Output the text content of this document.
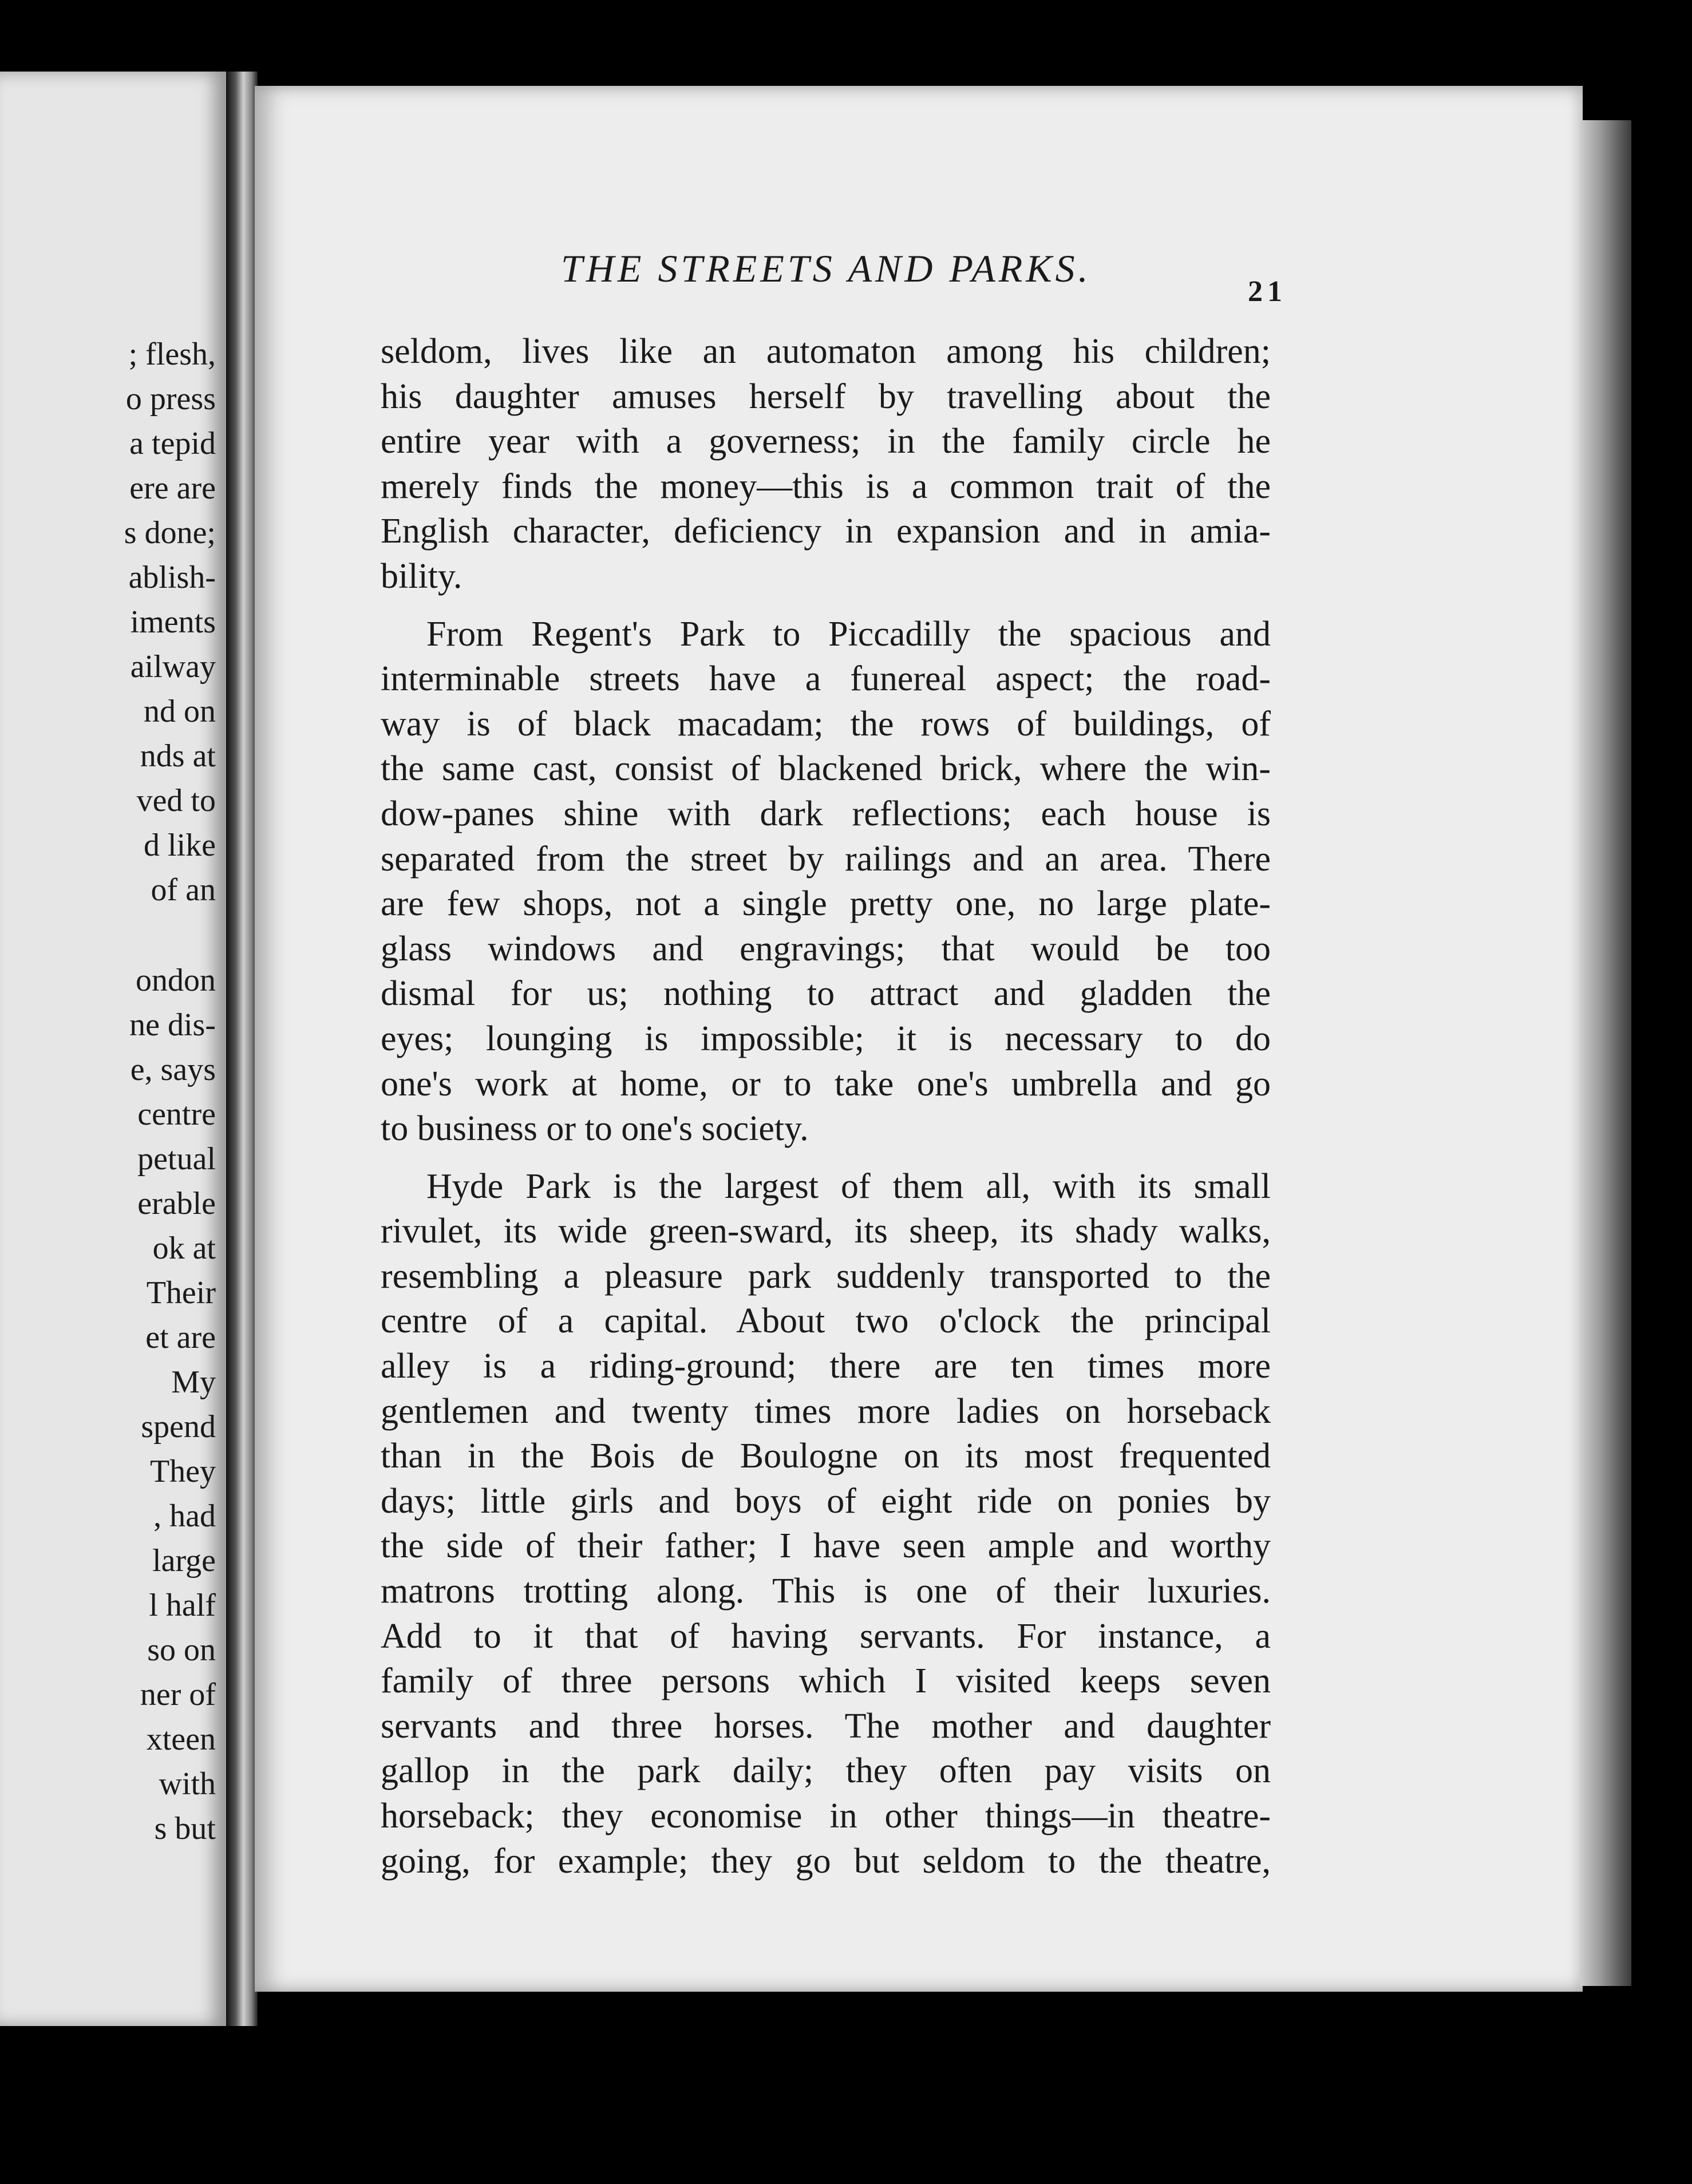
; flesh,
o press
a tepid
ere are
s done;
ablish-
iments
ailway
nd on
nds at
ved to
d like
of an
ondon
ne dis-
e, says
centre
petual
erable
ok at
Their
et are
My
spend
They
, had
large
l half
so on
ner of
xteen
with
s but
THE STREETS AND PARKS.
21
seldom, lives like an automaton among his children;
his daughter amuses herself by travelling about the
entire year with a governess; in the family circle he
merely finds the money—this is a common trait of the
English character, deficiency in expansion and in amia-
bility.
From Regent's Park to Piccadilly the spacious and
interminable streets have a funereal aspect; the road-
way is of black macadam; the rows of buildings, of
the same cast, consist of blackened brick, where the win-
dow-panes shine with dark reflections; each house is
separated from the street by railings and an area. There
are few shops, not a single pretty one, no large plate-
glass windows and engravings; that would be too
dismal for us; nothing to attract and gladden the
eyes; lounging is impossible; it is necessary to do
one's work at home, or to take one's umbrella and go
to business or to one's society.
Hyde Park is the largest of them all, with its small
rivulet, its wide green-sward, its sheep, its shady walks,
resembling a pleasure park suddenly transported to the
centre of a capital. About two o'clock the principal
alley is a riding-ground; there are ten times more
gentlemen and twenty times more ladies on horseback
than in the Bois de Boulogne on its most frequented
days; little girls and boys of eight ride on ponies by
the side of their father; I have seen ample and worthy
matrons trotting along. This is one of their luxuries.
Add to it that of having servants. For instance, a
family of three persons which I visited keeps seven
servants and three horses. The mother and daughter
gallop in the park daily; they often pay visits on
horseback; they economise in other things—in theatre-
going, for example; they go but seldom to the theatre,
